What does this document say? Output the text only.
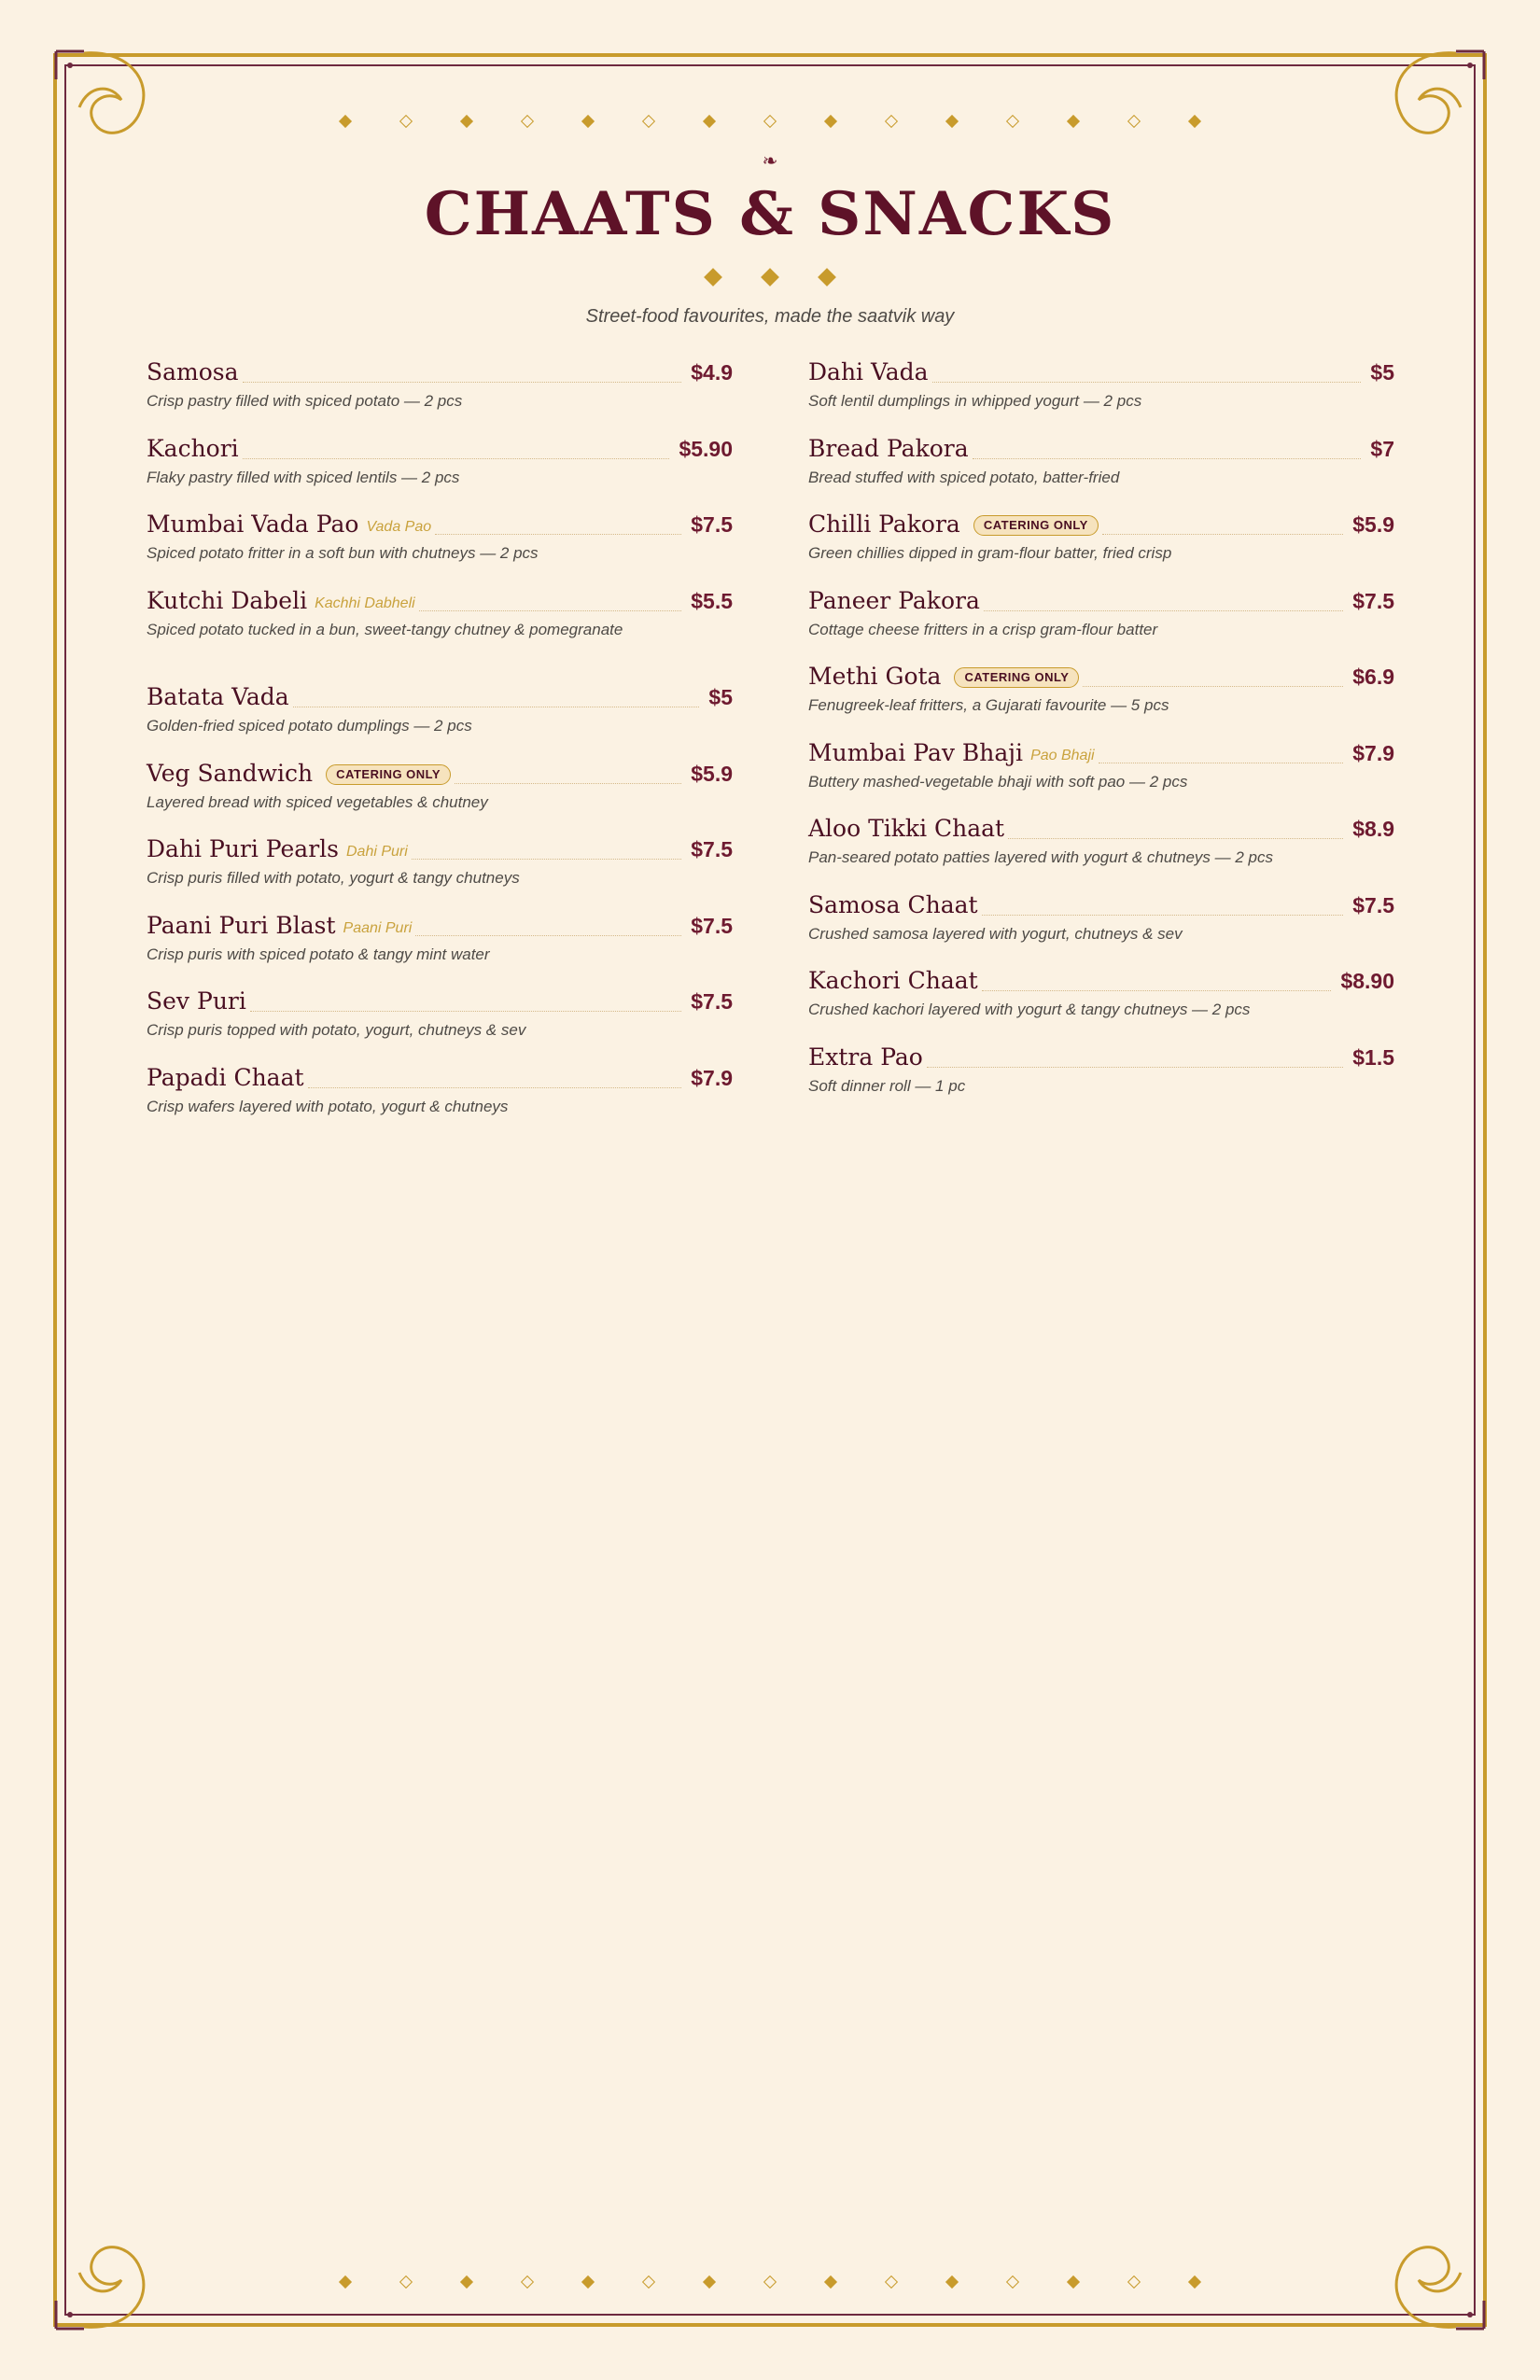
❧
CHAATS & SNACKS
Street-food favourites, made the saatvik way
Samosa	$4.9
Crisp pastry filled with spiced potato — 2 pcs
Kachori	$5.90
Flaky pastry filled with spiced lentils — 2 pcs
Mumbai Vada Pao Vada Pao	$7.5
Spiced potato fritter in a soft bun with chutneys — 2 pcs
Kutchi Dabeli Kachhi Dabheli	$5.5
Spiced potato tucked in a bun, sweet-tangy chutney & pomegranate
Batata Vada	$5
Golden-fried spiced potato dumplings — 2 pcs
Veg Sandwich	CATERING ONLY	$5.9
Layered bread with spiced vegetables & chutney
Dahi Puri Pearls Dahi Puri	$7.5
Crisp puris filled with potato, yogurt & tangy chutneys
Paani Puri Blast Paani Puri	$7.5
Crisp puris with spiced potato & tangy mint water
Sev Puri	$7.5
Crisp puris topped with potato, yogurt, chutneys & sev
Papadi Chaat	$7.9
Crisp wafers layered with potato, yogurt & chutneys
Dahi Vada	$5
Soft lentil dumplings in whipped yogurt — 2 pcs
Bread Pakora	$7
Bread stuffed with spiced potato, batter-fried
Chilli Pakora	CATERING ONLY	$5.9
Green chillies dipped in gram-flour batter, fried crisp
Paneer Pakora	$7.5
Cottage cheese fritters in a crisp gram-flour batter
Methi Gota	CATERING ONLY	$6.9
Fenugreek-leaf fritters, a Gujarati favourite — 5 pcs
Mumbai Pav Bhaji Pao Bhaji	$7.9
Buttery mashed-vegetable bhaji with soft pao — 2 pcs
Aloo Tikki Chaat	$8.9
Pan-seared potato patties layered with yogurt & chutneys — 2 pcs
Samosa Chaat	$7.5
Crushed samosa layered with yogurt, chutneys & sev
Kachori Chaat	$8.90
Crushed kachori layered with yogurt & tangy chutneys — 2 pcs
Extra Pao	$1.5
Soft dinner roll — 1 pc
